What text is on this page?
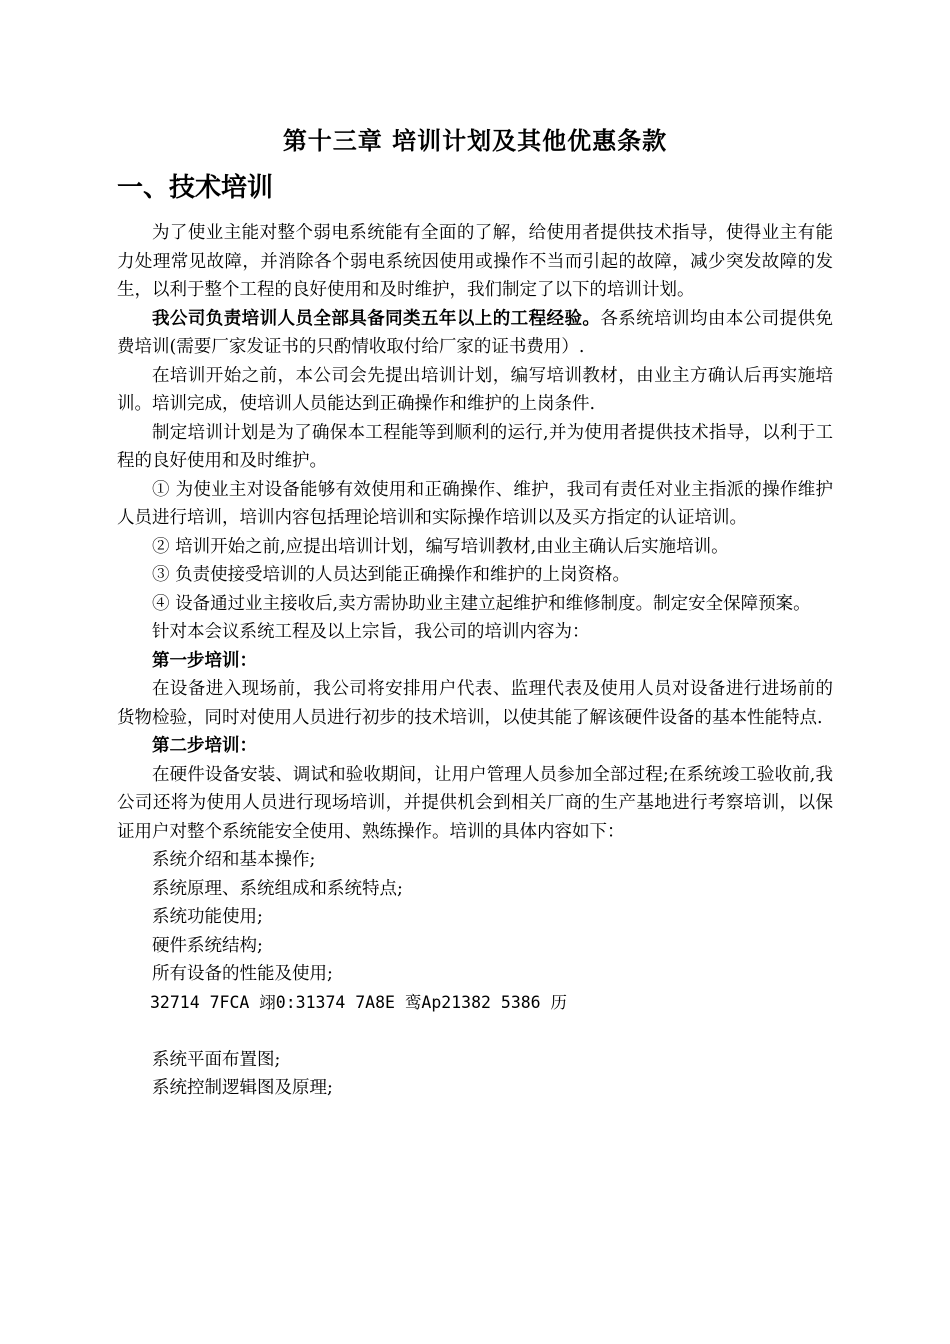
第十三章 培训计划及其他优惠条款
一、技术培训

为了使业主能对整个弱电系统能有全面的了解，给使用者提供技术指导，使得业主有能力处理常见故障，并消除各个弱电系统因使用或操作不当而引起的故障，减少突发故障的发生，以利于整个工程的良好使用和及时维护，我们制定了以下的培训计划。

我公司负责培训人员全部具备同类五年以上的工程经验。各系统培训均由本公司提供免费培训(需要厂家发证书的只酌情收取付给厂家的证书费用）.

在培训开始之前，本公司会先提出培训计划，编写培训教材，由业主方确认后再实施培训。培训完成，使培训人员能达到正确操作和维护的上岗条件.

制定培训计划是为了确保本工程能等到顺利的运行,并为使用者提供技术指导，以利于工程的良好使用和及时维护。

① 为使业主对设备能够有效使用和正确操作、维护，我司有责任对业主指派的操作维护人员进行培训，培训内容包括理论培训和实际操作培训以及买方指定的认证培训。

② 培训开始之前,应提出培训计划，编写培训教材,由业主确认后实施培训。

③ 负责使接受培训的人员达到能正确操作和维护的上岗资格。

④ 设备通过业主接收后,卖方需协助业主建立起维护和维修制度。制定安全保障预案。

针对本会议系统工程及以上宗旨，我公司的培训内容为：

第一步培训：

在设备进入现场前，我公司将安排用户代表、监理代表及使用人员对设备进行进场前的货物检验，同时对使用人员进行初步的技术培训，以使其能了解该硬件设备的基本性能特点.

第二步培训：

在硬件设备安装、调试和验收期间，让用户管理人员参加全部过程;在系统竣工验收前,我公司还将为使用人员进行现场培训，并提供机会到相关厂商的生产基地进行考察培训，以保证用户对整个系统能安全使用、熟练操作。培训的具体内容如下：

系统介绍和基本操作;

系统原理、系统组成和系统特点;

系统功能使用;

硬件系统结构;

所有设备的性能及使用;

32714 7FCA 翊0:31374 7A8E 鸾Ap21382 5386 历

系统平面布置图;

系统控制逻辑图及原理;
